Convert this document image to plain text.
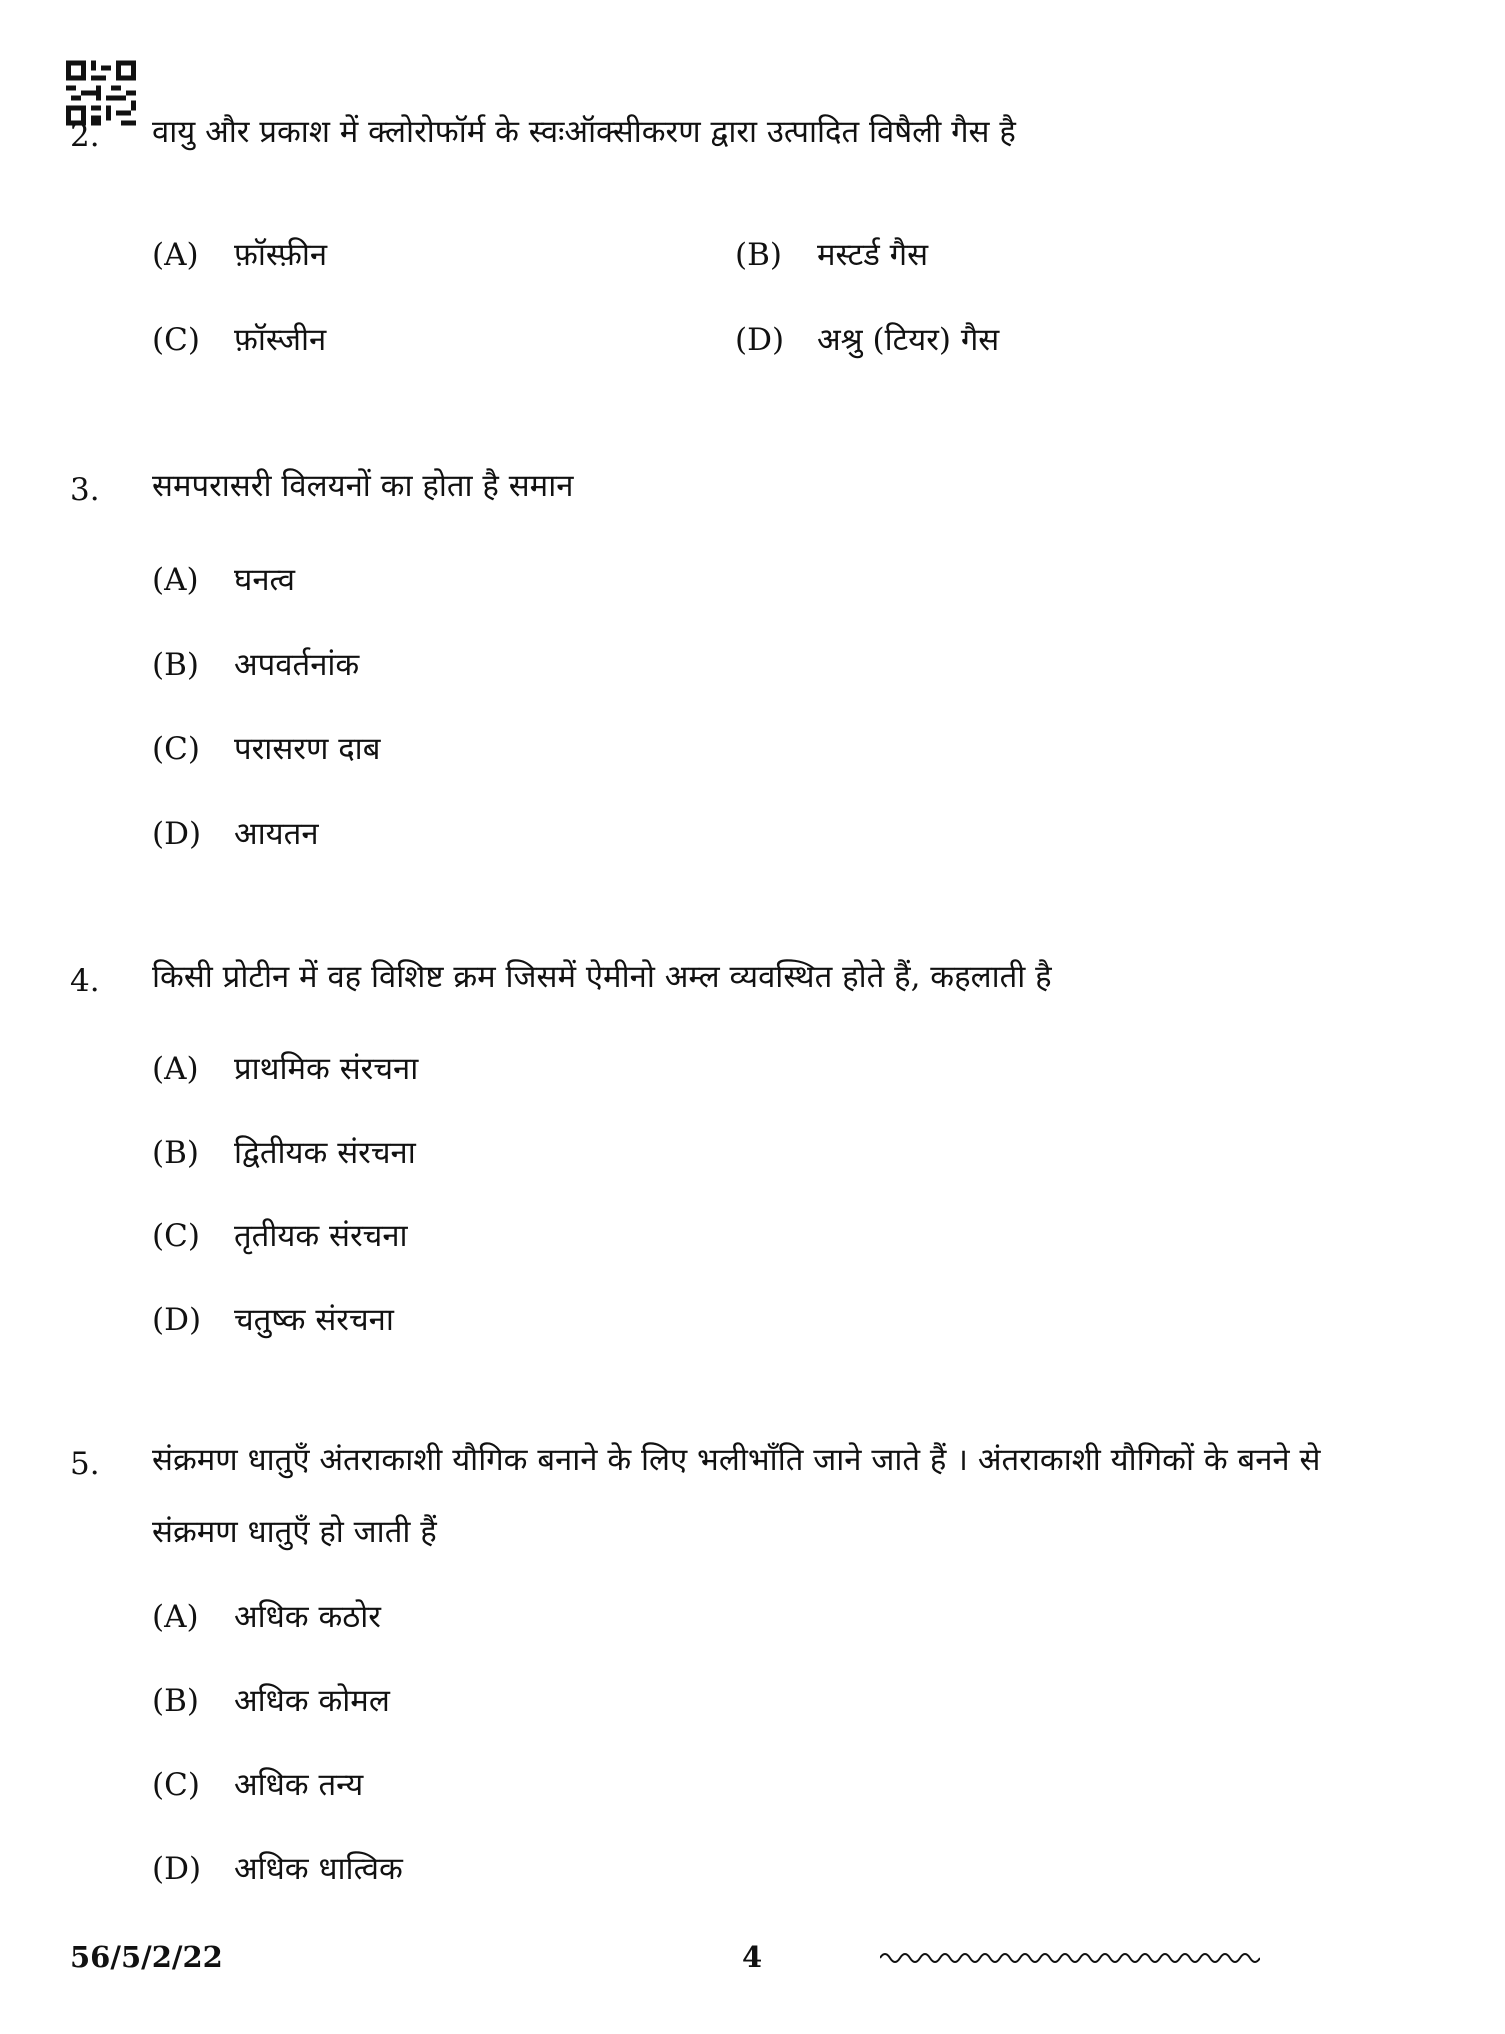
2. वायु और प्रकाश में क्लोरोफॉर्म के स्वःऑक्सीकरण द्वारा उत्पादित विषैली गैस है
(A) फ़ॉस्फ़ीन	(B) मस्टर्ड गैस
(C) फ़ॉस्जीन	(D) अश्रु (टियर) गैस
3. समपरासरी विलयनों का होता है समान
(A) घनत्व
(B) अपवर्तनांक
(C) परासरण दाब
(D) आयतन
4. किसी प्रोटीन में वह विशिष्ट क्रम जिसमें ऐमीनो अम्ल व्यवस्थित होते हैं, कहलाती है
(A) प्राथमिक संरचना
(B) द्वितीयक संरचना
(C) तृतीयक संरचना
(D) चतुष्क संरचना
5. संक्रमण धातुएँ अंतराकाशी यौगिक बनाने के लिए भलीभाँति जाने जाते हैं । अंतराकाशी यौगिकों के बनने से संक्रमण धातुएँ हो जाती हैं
(A) अधिक कठोर
(B) अधिक कोमल
(C) अधिक तन्य
(D) अधिक धात्विक
56/5/2/22	4
